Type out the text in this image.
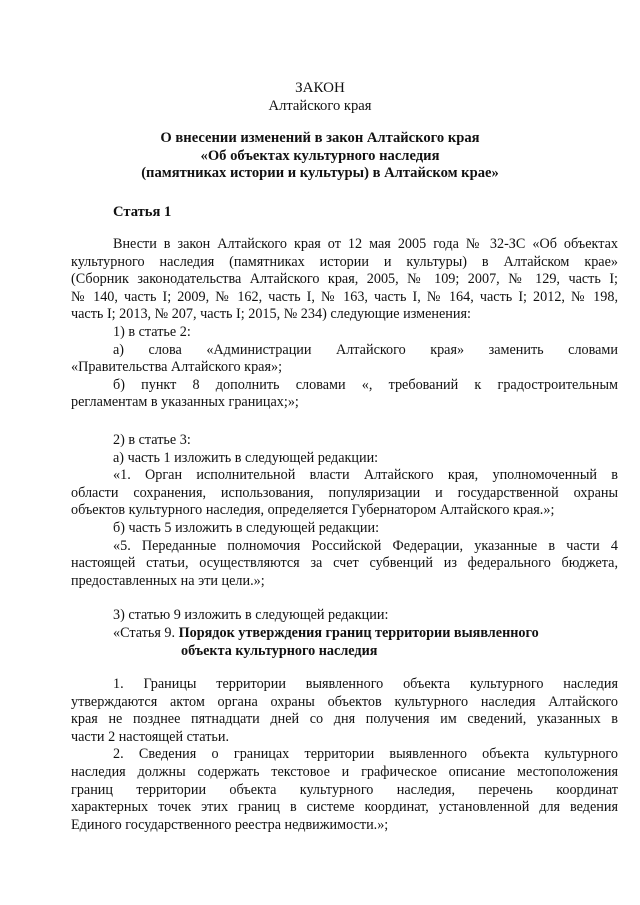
ЗАКОН
Алтайского края
О внесении изменений в закон Алтайского края
«Об объектах культурного наследия
(памятниках истории и культуры) в Алтайском крае»
Статья 1
Внести в закон Алтайского края от 12 мая 2005 года № 32-ЗС «Об объектах
культурного наследия (памятниках истории и культуры) в Алтайском крае»
(Сборник законодательства Алтайского края, 2005, № 109; 2007, № 129, часть I;
№ 140, часть I; 2009, № 162, часть I, № 163, часть I, № 164, часть I; 2012, № 198,
часть I; 2013, № 207, часть I; 2015, № 234) следующие изменения:
1) в статье 2:
а) слова «Администрации Алтайского края» заменить словами
«Правительства Алтайского края»;
б) пункт 8 дополнить словами «, требований к градостроительным
регламентам в указанных границах;»;
2) в статье 3:
а) часть 1 изложить в следующей редакции:
«1. Орган исполнительной власти Алтайского края, уполномоченный в
области сохранения, использования, популяризации и государственной охраны
объектов культурного наследия, определяется Губернатором Алтайского края.»;
б) часть 5 изложить в следующей редакции:
«5. Переданные полномочия Российской Федерации, указанные в части 4
настоящей статьи, осуществляются за счет субвенций из федерального бюджета,
предоставленных на эти цели.»;
3) статью 9 изложить в следующей редакции:
«Статья 9. Порядок утверждения границ территории выявленного
объекта культурного наследия
1. Границы территории выявленного объекта культурного наследия
утверждаются актом органа охраны объектов культурного наследия Алтайского
края не позднее пятнадцати дней со дня получения им сведений, указанных в
части 2 настоящей статьи.
2. Сведения о границах территории выявленного объекта культурного
наследия должны содержать текстовое и графическое описание местоположения
границ территории объекта культурного наследия, перечень координат
характерных точек этих границ в системе координат, установленной для ведения
Единого государственного реестра недвижимости.»;
